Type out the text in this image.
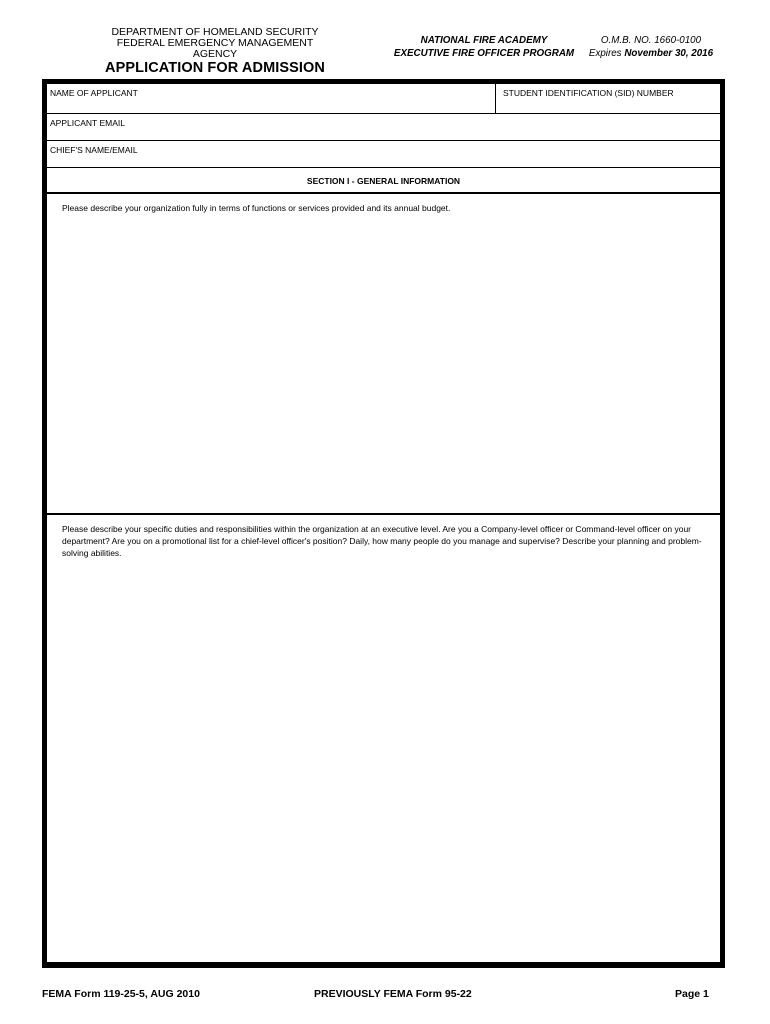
DEPARTMENT OF HOMELAND SECURITY
FEDERAL EMERGENCY MANAGEMENT AGENCY
APPLICATION FOR ADMISSION
NATIONAL FIRE ACADEMY
EXECUTIVE FIRE OFFICER PROGRAM
O.M.B. NO. 1660-0100
Expires November 30, 2016
NAME OF APPLICANT	STUDENT IDENTIFICATION (SID) NUMBER
APPLICANT EMAIL
CHIEF'S NAME/EMAIL
SECTION I - GENERAL INFORMATION
Please describe your organization fully in terms of functions or services provided and its annual budget.
Please describe your specific duties and responsibilities within the organization at an executive level. Are you a Company-level officer or Command-level officer on your department? Are you on a promotional list for a chief-level officer's position? Daily, how many people do you manage and supervise? Describe your planning and problem-solving abilities.
FEMA Form 119-25-5, AUG 2010	PREVIOUSLY FEMA Form 95-22	Page 1
